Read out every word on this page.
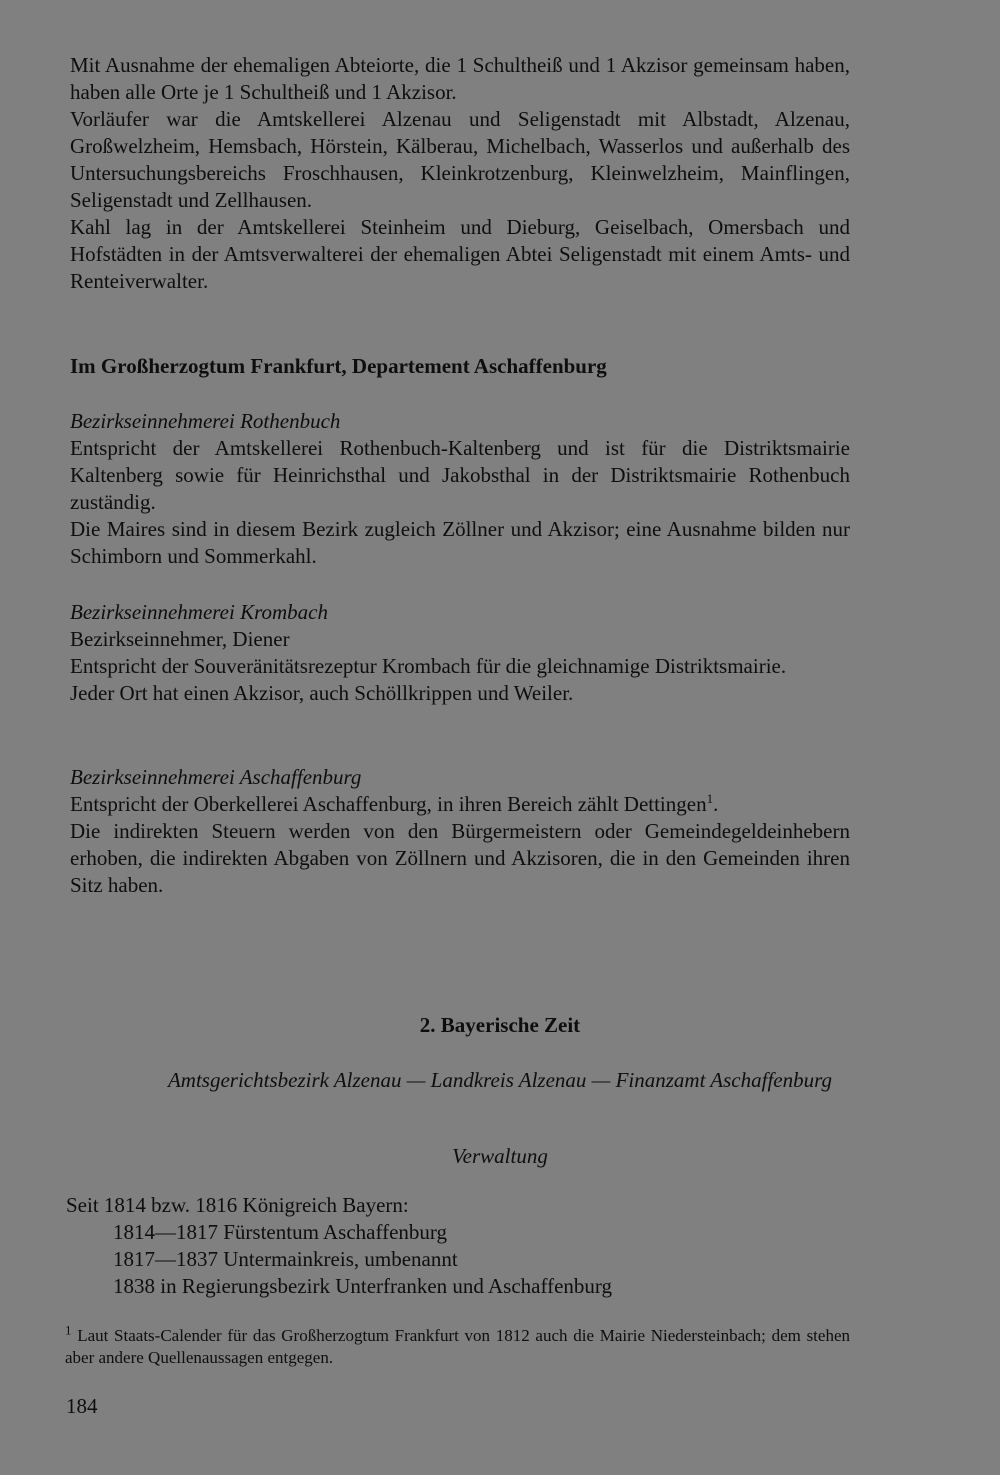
Mit Ausnahme der ehemaligen Abteiorte, die 1 Schultheiß und 1 Akzisor gemeinsam haben, haben alle Orte je 1 Schultheiß und 1 Akzisor.

Vorläufer war die Amtskellerei Alzenau und Seligenstadt mit Albstadt, Alzenau, Großwelzheim, Hemsbach, Hörstein, Kälberau, Michelbach, Wasserlos und außerhalb des Untersuchungsbereichs Froschhausen, Kleinkrotzenburg, Kleinwelzheim, Mainflingen, Seligenstadt und Zellhausen.

Kahl lag in der Amtskellerei Steinheim und Dieburg, Geiselbach, Omersbach und Hofstädten in der Amtsverwalterei der ehemaligen Abtei Seligenstadt mit einem Amts- und Renteiverwalter.

Im Großherzogtum Frankfurt, Departement Aschaffenburg

Bezirkseinnehmerei Rothenbuch

Entspricht der Amtskellerei Rothenbuch-Kaltenberg und ist für die Distriktsmairie Kaltenberg sowie für Heinrichsthal und Jakobsthal in der Distriktsmairie Rothenbuch zuständig.

Die Maires sind in diesem Bezirk zugleich Zöllner und Akzisor; eine Ausnahme bilden nur Schimborn und Sommerkahl.

Bezirkseinnehmerei Krombach

Bezirkseinnehmer, Diener

Entspricht der Souveränitätsrezeptur Krombach für die gleichnamige Distriktsmairie.

Jeder Ort hat einen Akzisor, auch Schöllkrippen und Weiler.

Bezirkseinnehmerei Aschaffenburg

Entspricht der Oberkellerei Aschaffenburg, in ihren Bereich zählt Dettingen$^1$.

Die indirekten Steuern werden von den Bürgermeistern oder Gemeindegeldeinhebern erhoben, die indirekten Abgaben von Zöllnern und Akzisoren, die in den Gemeinden ihren Sitz haben.

2. Bayerische Zeit
Amtsgerichtsbezirk Alzenau — Landkreis Alzenau — Finanzamt Aschaffenburg
Verwaltung

Seit 1814 bzw. 1816 Königreich Bayern:

1814—1817 Fürstentum Aschaffenburg

1817—1837 Untermainkreis, umbenannt

1838 in Regierungsbezirk Unterfranken und Aschaffenburg

$^1$ Laut Staats-Calender für das Großherzogtum Frankfurt von 1812 auch die Mairie Niedersteinbach; dem stehen aber andere Quellenaussagen entgegen.

184
